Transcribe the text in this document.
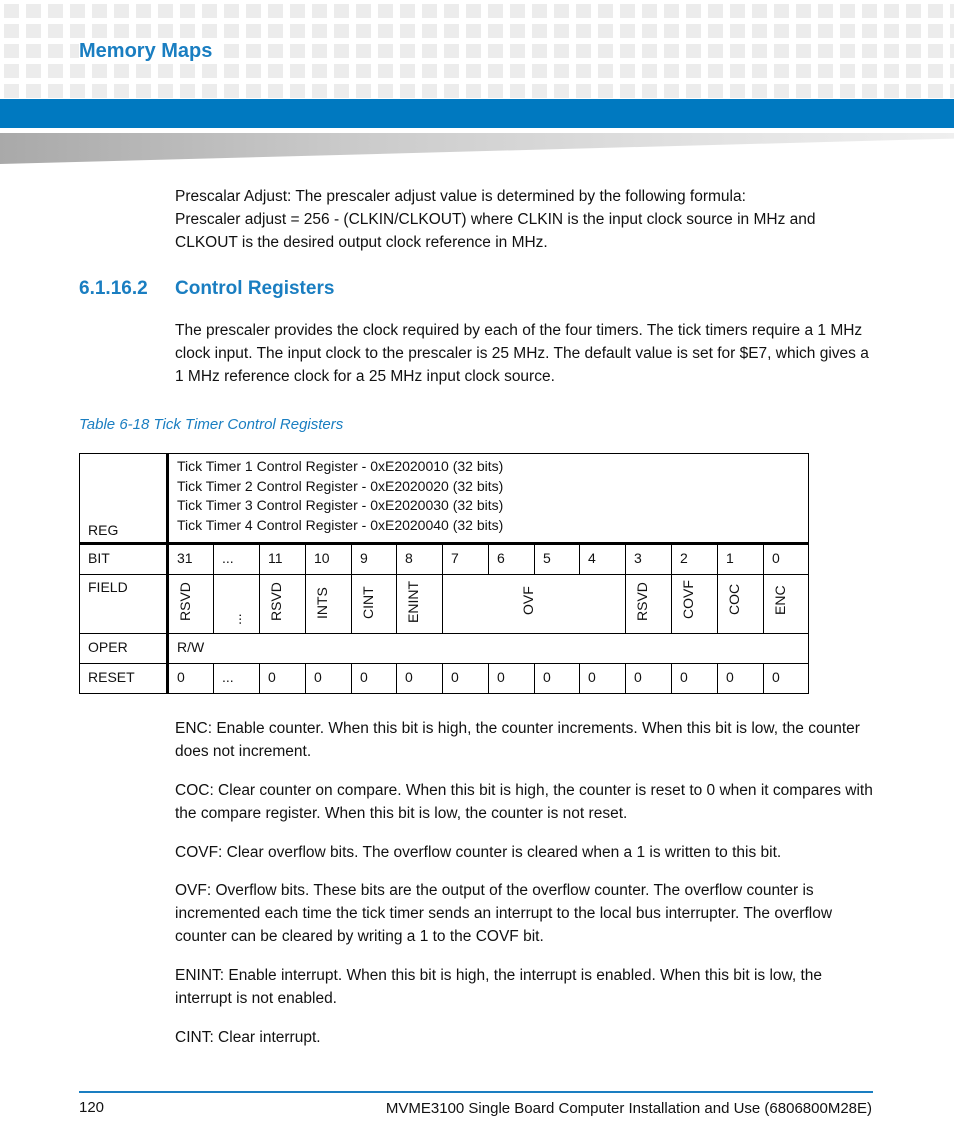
Memory Maps

Prescalar Adjust: The prescaler adjust value is determined by the following formula:

Prescaler adjust = 256 - (CLKIN/CLKOUT) where CLKIN is the input clock source in MHz and

CLKOUT is the desired output clock reference in MHz.

6.1.16.2 Control Registers
The prescaler provides the clock required by each of the four timers. The tick timers require a 1 MHz clock input. The input clock to the prescaler is 25 MHz. The default value is set for $E7, which gives a 1 MHz reference clock for a 25 MHz input clock source.
Table 6-18 Tick Timer Control Registers
REG	Tick Timer 1 Control Register - 0xE2020010 (32 bits)
Tick Timer 2 Control Register - 0xE2020020 (32 bits)
Tick Timer 3 Control Register - 0xE2020030 (32 bits)
Tick Timer 4 Control Register - 0xE2020040 (32 bits)													

BIT	31	...	11	10	9	8	7	6	5	4	3	2	1	0
FIELD	RSVD	...	RSVD	INTS	CINT	ENINT	OVF				RSVD	COVF	COC	ENC
OPER	R/W													
RESET	0	...	0	0	0	0	0	0	0	0	0	0	0	0
ENC: Enable counter. When this bit is high, the counter increments. When this bit is low, the counter does not increment.
COC: Clear counter on compare. When this bit is high, the counter is reset to 0 when it compares with the compare register. When this bit is low, the counter is not reset.
COVF: Clear overflow bits. The overflow counter is cleared when a 1 is written to this bit.
OVF: Overflow bits. These bits are the output of the overflow counter. The overflow counter is incremented each time the tick timer sends an interrupt to the local bus interrupter. The overflow counter can be cleared by writing a 1 to the COVF bit.
ENINT: Enable interrupt. When this bit is high, the interrupt is enabled. When this bit is low, the interrupt is not enabled.
CINT: Clear interrupt.
120	MVME3100 Single Board Computer Installation and Use (6806800M28E)
